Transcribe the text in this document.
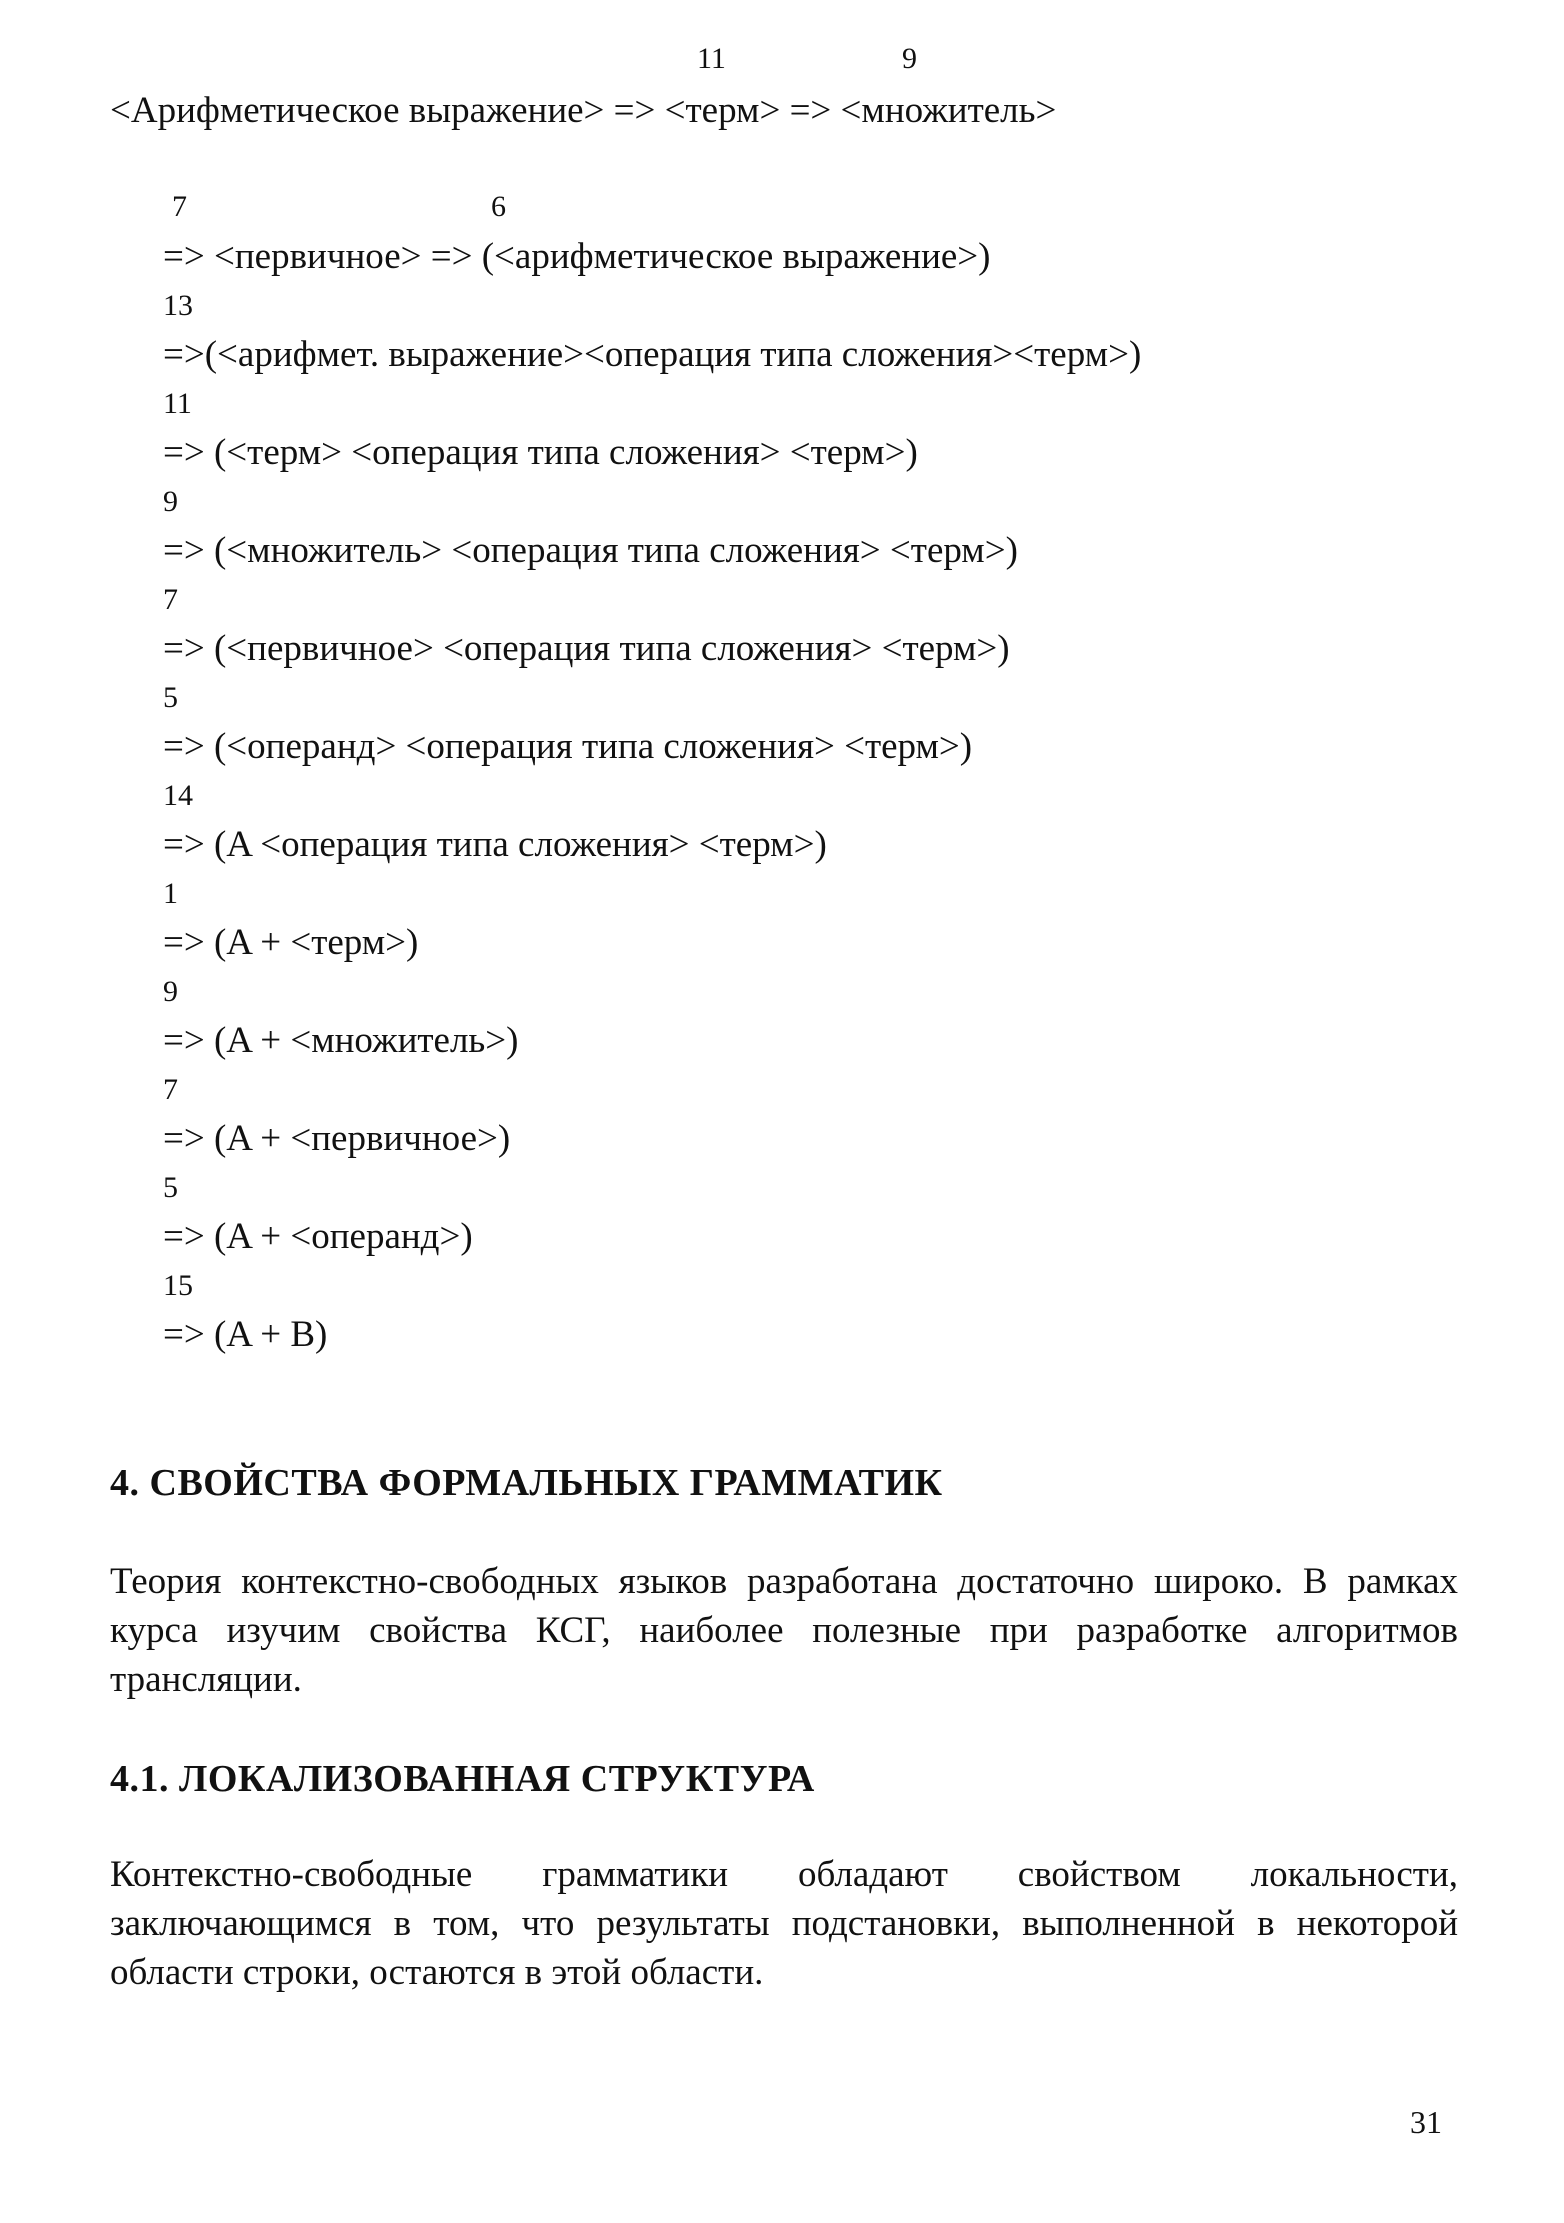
11	9
<Арифметическое выражение> => <терм> => <множитель>
7	6
=> <первичное> => (<арифметическое выражение>)
13
=>(<арифмет. выражение><операция типа сложения><терм>)
11
=> (<терм> <операция типа сложения> <терм>)
9
=> (<множитель> <операция типа сложения> <терм>)
7
=> (<первичное> <операция типа сложения> <терм>)
5
=> (<операнд> <операция типа сложения> <терм>)
14
=> (A <операция типа сложения> <терм>)
1
=> (A + <терм>)
9
=> (A + <множитель>)
7
=> (A + <первичное>)
5
=> (A + <операнд>)
15
=> (A + B)
4. СВОЙСТВА ФОРМАЛЬНЫХ ГРАММАТИК

Теория контекстно-свободных языков разработана достаточно широко. В рамках курса изучим свойства КСГ, наиболее полезные при разработке алгоритмов трансляции.

4.1. ЛОКАЛИЗОВАННАЯ СТРУКТУРА

Контекстно-свободные грамматики обладают свойством локальности, заключающимся в том, что результаты подстановки, выполненной в некоторой области строки, остаются в этой области.

31
